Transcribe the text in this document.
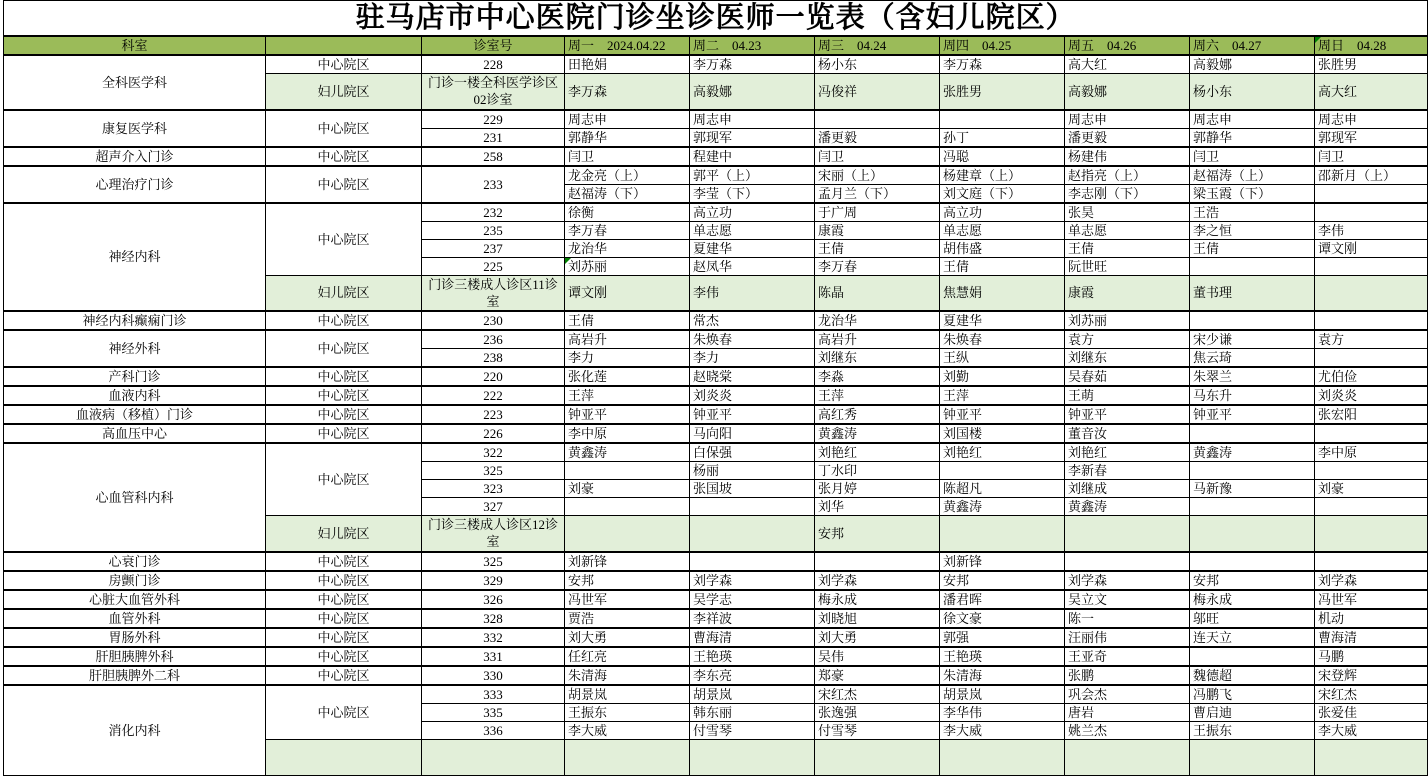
驻马店市中心医院门诊坐诊医师一览表（含妇儿院区）									
科室		诊室号	周一 2024.04.22	周二 04.23	周三 04.24	周四 04.25	周五 04.26	周六 04.27	周日 04.28

全科医学科	中心院区	228	田艳娟	李万森	杨小东	李万森	高大红	高毅娜	张胜男
	妇儿院区	门诊一楼全科医学诊区02诊室	李万森	高毅娜	冯俊祥	张胜男	高毅娜	杨小东	高大红
康复医学科	中心院区	229	周志申	周志申			周志申	周志申	周志申
		231	郭静华	郭现军	潘更毅	孙丁	潘更毅	郭静华	郭现军
超声介入门诊	中心院区	258	闫卫	程建中	闫卫	冯聪	杨建伟	闫卫	闫卫
心理治疗门诊	中心院区	233	龙金亮（上）	郭平（上）	宋丽（上）	杨建章（上）	赵指亮（上）	赵福涛（上）	邵新月（上）
			赵福涛（下）	李莹（下）	孟月兰（下）	刘文庭（下）	李志刚（下）	梁玉霞（下）	
神经内科	中心院区	232	徐衡	高立功	于广周	高立功	张昊	王浩	
		235	李万春	单志愿	康霞	单志愿	单志愿	李之恒	李伟
		237	龙治华	夏建华	王倩	胡伟盛	王倩	王倩	谭文刚
		225	刘苏丽	赵凤华	李万春	王倩	阮世旺		
	妇儿院区	门诊三楼成人诊区11诊室	谭文刚	李伟	陈晶	焦慧娟	康霞	董书理	
神经内科癫痫门诊	中心院区	230	王倩	常杰	龙治华	夏建华	刘苏丽		
神经外科	中心院区	236	高岩升	朱焕春	高岩升	朱焕春	袁方	宋少谦	袁方
		238	李力	李力	刘继东	王纵	刘继东	焦云琦	
产科门诊	中心院区	220	张化莲	赵晓棠	李淼	刘勤	吴春茹	朱翠兰	尤伯俭
血液内科	中心院区	222	王萍	刘炎炎	王萍	王萍	王萌	马东升	刘炎炎
血液病（移植）门诊	中心院区	223	钟亚平	钟亚平	高红秀	钟亚平	钟亚平	钟亚平	张宏阳
高血压中心	中心院区	226	李中原	马向阳	黄鑫涛	刘国楼	董音汝		
心血管科内科	中心院区	322	黄鑫涛	白保强	刘艳红	刘艳红	刘艳红	黄鑫涛	李中原
		325		杨丽	丁水印		李新春		
		323	刘豪	张国坡	张月婷	陈超凡	刘继成	马新豫	刘豪
		327			刘华	黄鑫涛	黄鑫涛		
	妇儿院区	门诊三楼成人诊区12诊室			安邦				
心衰门诊	中心院区	325	刘新锋			刘新锋			
房颤门诊	中心院区	329	安邦	刘学森	刘学森	安邦	刘学森	安邦	刘学森
心脏大血管外科	中心院区	326	冯世军	吴学志	梅永成	潘君晖	吴立文	梅永成	冯世军
血管外科	中心院区	328	贾浩	李祥波	刘晓旭	徐文豪	陈一	邬旺	机动
胃肠外科	中心院区	332	刘大勇	曹海清	刘大勇	郭强	汪丽伟	连天立	曹海清
肝胆胰脾外科	中心院区	331	任红亮	王艳瑛	吴伟	王艳瑛	王亚奇		马鹏
肝胆胰脾外二科	中心院区	330	朱清海	李东亮	郑豪	朱清海	张鹏	魏德超	宋登辉
消化内科	中心院区	333	胡景岚	胡景岚	宋红杰	胡景岚	巩会杰	冯鹏飞	宋红杰
		335	王振东	韩东丽	张逸强	李华伟	唐岩	曹启迪	张爱佳
		336	李大威	付雪琴	付雪琴	李大威	姚兰杰	王振东	李大威
